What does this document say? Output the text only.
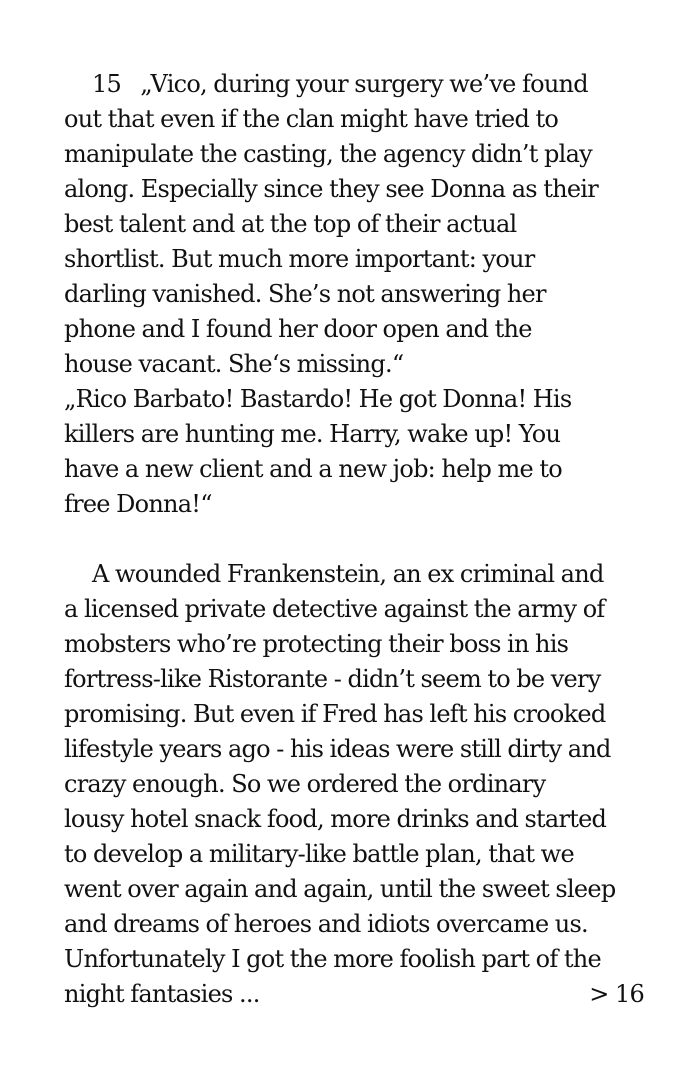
15 „Vico, during your surgery we’ve found
out that even if the clan might have tried to
manipulate the casting, the agency didn’t play
along. Especially since they see Donna as their
best talent and at the top of their actual
shortlist. But much more important: your
darling vanished. She’s not answering her
phone and I found her door open and the
house vacant. She‘s missing.“
„Rico Barbato! Bastardo! He got Donna! His
killers are hunting me. Harry, wake up! You
have a new client and a new job: help me to
free Donna!“
A wounded Frankenstein, an ex criminal and
a licensed private detective against the army of
mobsters who’re protecting their boss in his
fortress-like Ristorante - didn’t seem to be very
promising. But even if Fred has left his crooked
lifestyle years ago - his ideas were still dirty and
crazy enough. So we ordered the ordinary
lousy hotel snack food, more drinks and started
to develop a military-like battle plan, that we
went over again and again, until the sweet sleep
and dreams of heroes and idiots overcame us.
Unfortunately I got the more foolish part of the
night fantasies ...	> 16
